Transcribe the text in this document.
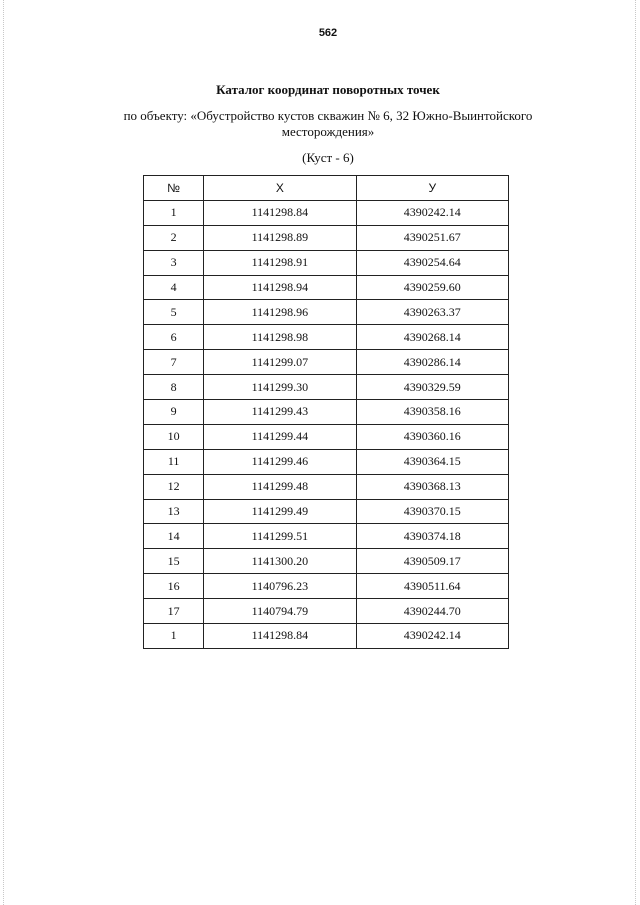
562
Каталог координат поворотных точек
по объекту: «Обустройство кустов скважин № 6, 32 Южно-Выинтойского
месторождения»
(Куст - 6)
№	Х	У
1	1141298.84	4390242.14
2	1141298.89	4390251.67
3	1141298.91	4390254.64
4	1141298.94	4390259.60
5	1141298.96	4390263.37
6	1141298.98	4390268.14
7	1141299.07	4390286.14
8	1141299.30	4390329.59
9	1141299.43	4390358.16
10	1141299.44	4390360.16
11	1141299.46	4390364.15
12	1141299.48	4390368.13
13	1141299.49	4390370.15
14	1141299.51	4390374.18
15	1141300.20	4390509.17
16	1140796.23	4390511.64
17	1140794.79	4390244.70
1	1141298.84	4390242.14
